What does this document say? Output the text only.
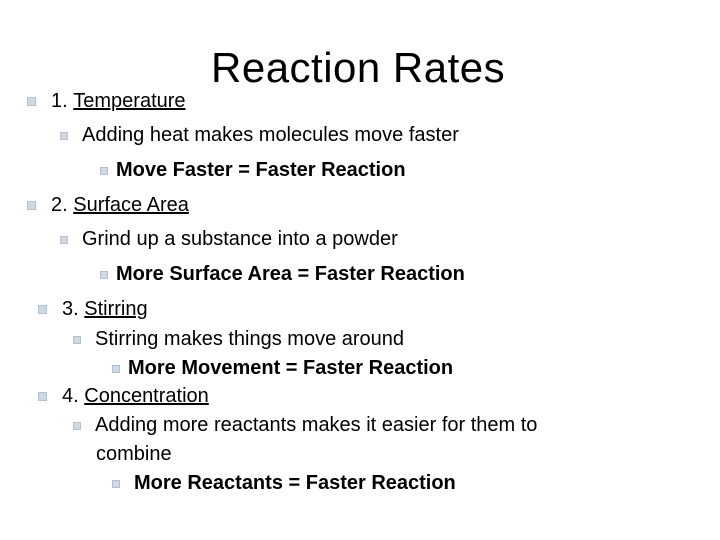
Reaction Rates
1.
Temperature
Adding heat makes molecules move faster
Move Faster = Faster Reaction
2.
Surface Area
Grind up a substance into a powder
More Surface Area = Faster Reaction
3.
Stirring
Stirring makes things move around
More Movement = Faster Reaction
4.
Concentration
Adding more reactants makes it easier for them to
combine
More Reactants = Faster Reaction
